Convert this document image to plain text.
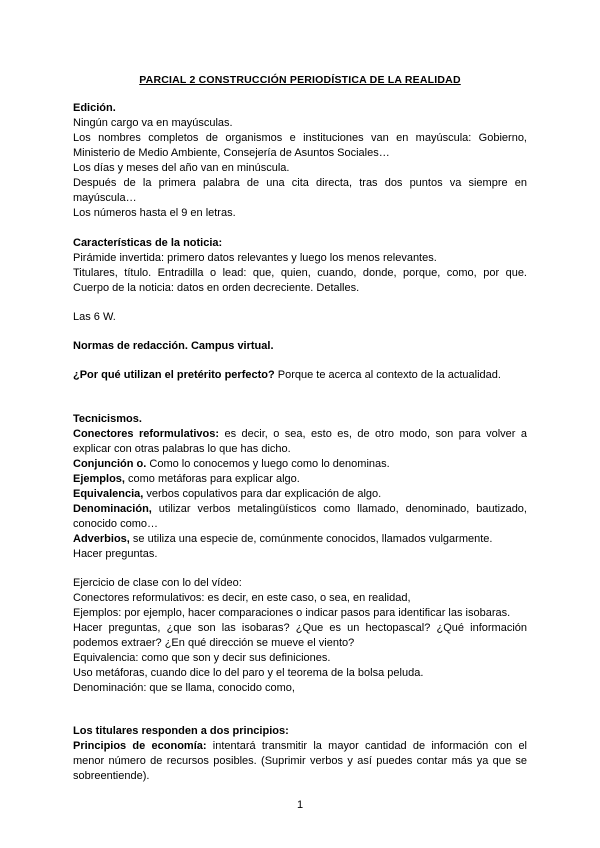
PARCIAL 2 CONSTRUCCIÓN PERIODÍSTICA DE LA REALIDAD
Edición.
Ningún cargo va en mayúsculas.
Los nombres completos de organismos e instituciones van en mayúscula: Gobierno,
Ministerio de Medio Ambiente, Consejería de Asuntos Sociales…
Los días y meses del año van en minúscula.
Después de la primera palabra de una cita directa, tras dos puntos va siempre en
mayúscula…
Los números hasta el 9 en letras.
Características de la noticia:
Pirámide invertida: primero datos relevantes y luego los menos relevantes.
Titulares, título. Entradilla o lead: que, quien, cuando, donde, porque, como, por que.
Cuerpo de la noticia: datos en orden decreciente. Detalles.
Las 6 W.
Normas de redacción. Campus virtual.
¿Por qué utilizan el pretérito perfecto? Porque te acerca al contexto de la actualidad.
Tecnicismos.
Conectores reformulativos: es decir, o sea, esto es, de otro modo, son para volver a
explicar con otras palabras lo que has dicho.
Conjunción o. Como lo conocemos y luego como lo denominas.
Ejemplos, como metáforas para explicar algo.
Equivalencia, verbos copulativos para dar explicación de algo.
Denominación, utilizar verbos metalingüísticos como llamado, denominado, bautizado,
conocido como…
Adverbios, se utiliza una especie de, comúnmente conocidos, llamados vulgarmente.
Hacer preguntas.
Ejercicio de clase con lo del vídeo:
Conectores reformulativos: es decir, en este caso, o sea, en realidad,
Ejemplos: por ejemplo, hacer comparaciones o indicar pasos para identificar las isobaras.
Hacer preguntas, ¿que son las isobaras? ¿Que es un hectopascal? ¿Qué información
podemos extraer? ¿En qué dirección se mueve el viento?
Equivalencia: como que son y decir sus definiciones.
Uso metáforas, cuando dice lo del paro y el teorema de la bolsa peluda.
Denominación: que se llama, conocido como,
Los titulares responden a dos principios:
Principios de economía: intentará transmitir la mayor cantidad de información con el
menor número de recursos posibles. (Suprimir verbos y así puedes contar más ya que se
sobreentiende).
1
